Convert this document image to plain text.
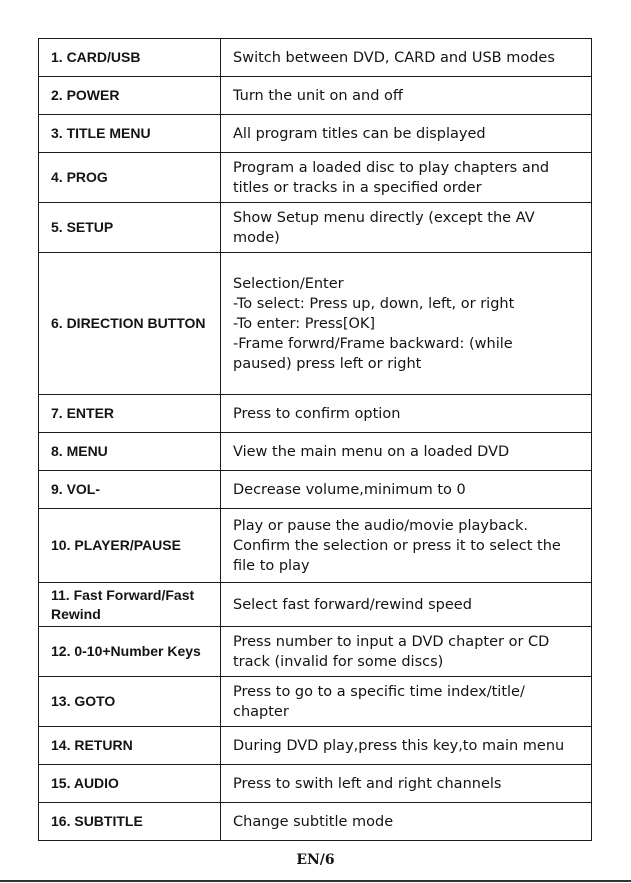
1. CARD/USB	Switch between DVD, CARD and USB modes
2. POWER	Turn the unit on and off
3. TITLE MENU	All program titles can be displayed
4. PROG	Program a loaded disc to play chapters and
titles or tracks in a specified order
5. SETUP	Show Setup menu directly (except the AV
mode)
6. DIRECTION BUTTON	Selection/Enter
-To select: Press up, down, left, or right
-To enter: Press[OK]
-Frame forwrd/Frame backward: (while
paused) press left or right
7. ENTER	Press to confirm option
8. MENU	View the main menu on a loaded DVD
9. VOL-	Decrease volume,minimum to 0
10. PLAYER/PAUSE	Play or pause the audio/movie playback.
Confirm the selection or press it to select the
file to play
11. Fast Forward/Fast
Rewind	Select fast forward/rewind speed
12. 0-10+Number Keys	Press number to input a DVD chapter or CD
track (invalid for some discs)
13. GOTO	Press to go to a specific time index/title/
chapter
14. RETURN	During DVD play,press this key,to main menu
15. AUDIO	Press to swith left and right channels
16. SUBTITLE	Change subtitle mode
EN/6
